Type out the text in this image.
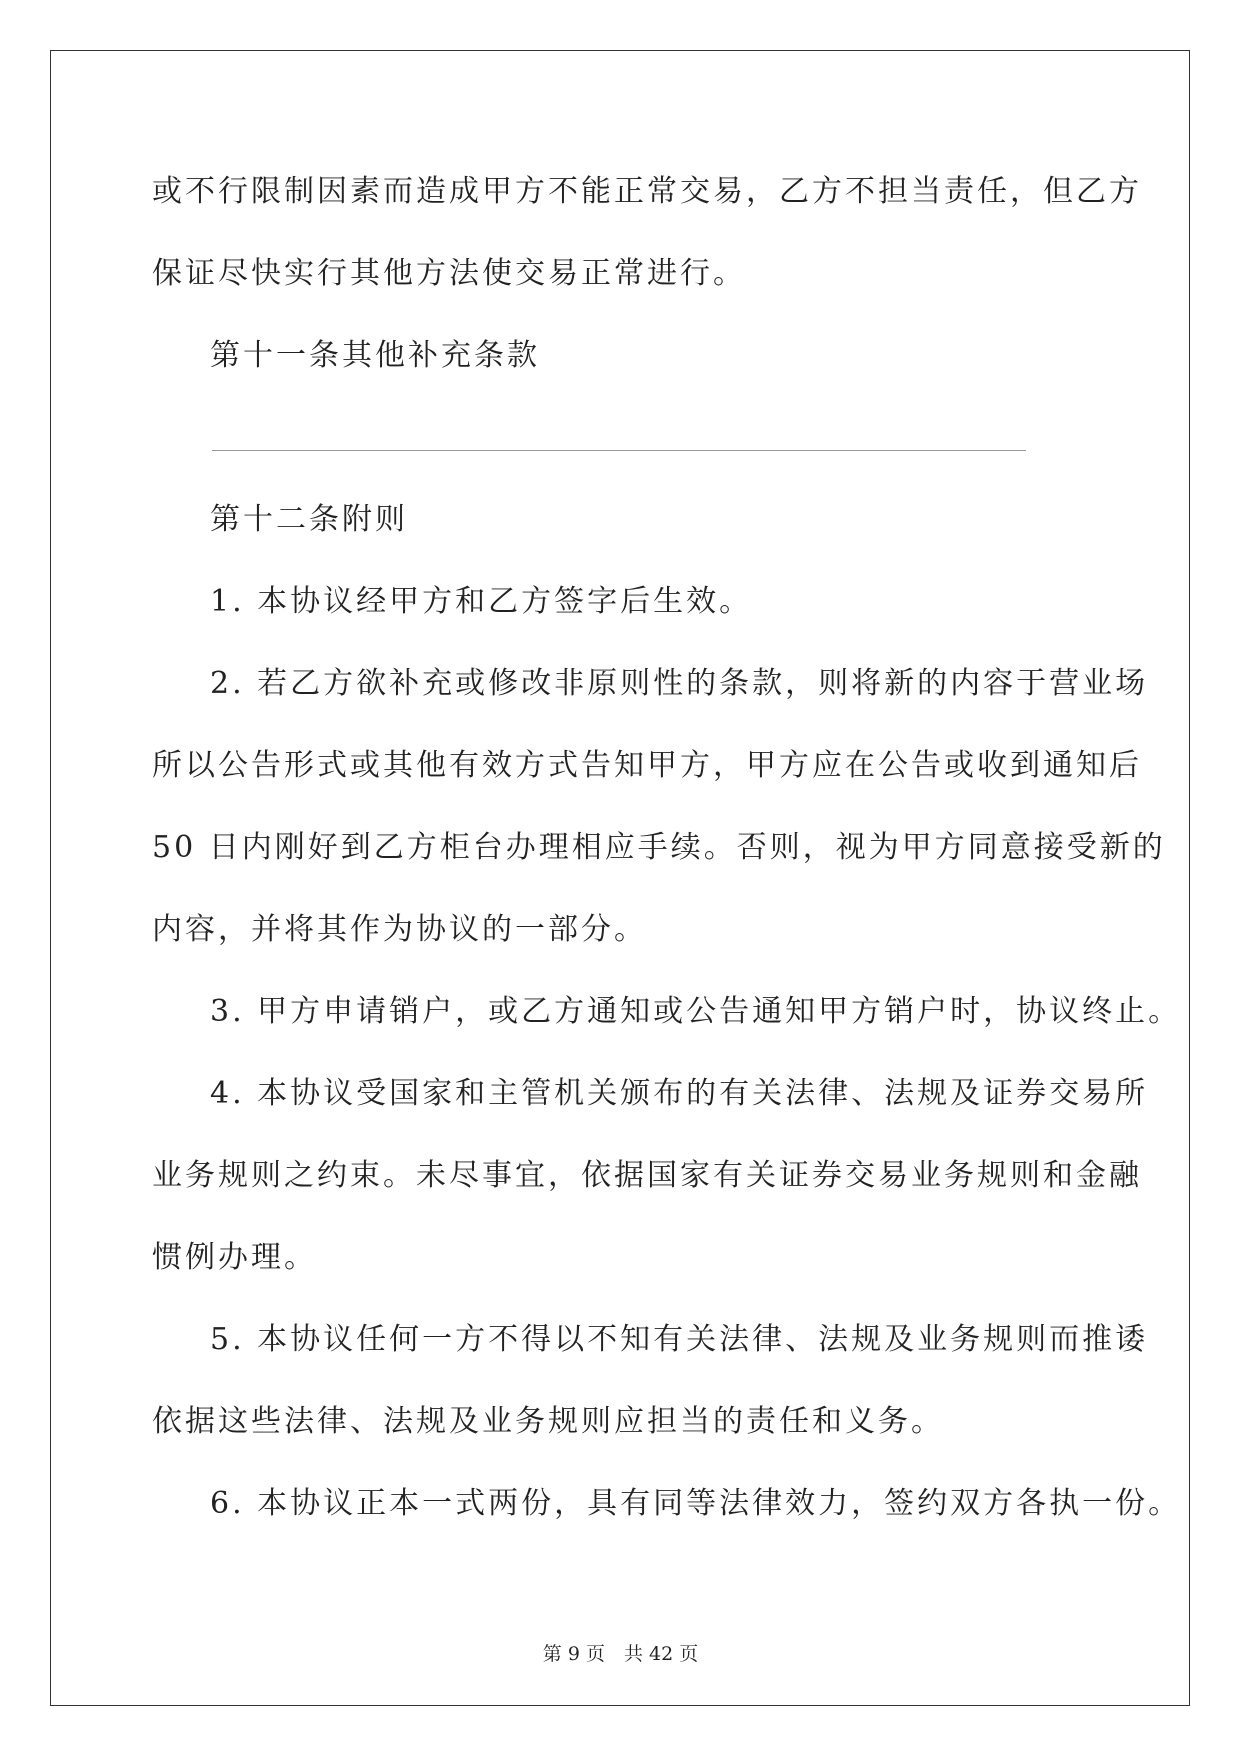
或不行限制因素而造成甲方不能正常交易，乙方不担当责任，但乙方
保证尽快实行其他方法使交易正常进行。
第十一条其他补充条款
第十二条附则
1. 本协议经甲方和乙方签字后生效。
2. 若乙方欲补充或修改非原则性的条款，则将新的内容于营业场
所以公告形式或其他有效方式告知甲方，甲方应在公告或收到通知后
50 日内刚好到乙方柜台办理相应手续。否则，视为甲方同意接受新的
内容，并将其作为协议的一部分。
3. 甲方申请销户，或乙方通知或公告通知甲方销户时，协议终止。
4. 本协议受国家和主管机关颁布的有关法律、法规及证券交易所
业务规则之约束。未尽事宜，依据国家有关证券交易业务规则和金融
惯例办理。
5. 本协议任何一方不得以不知有关法律、法规及业务规则而推诿
依据这些法律、法规及业务规则应担当的责任和义务。
6. 本协议正本一式两份，具有同等法律效力，签约双方各执一份。
第 9 页　共 42 页
